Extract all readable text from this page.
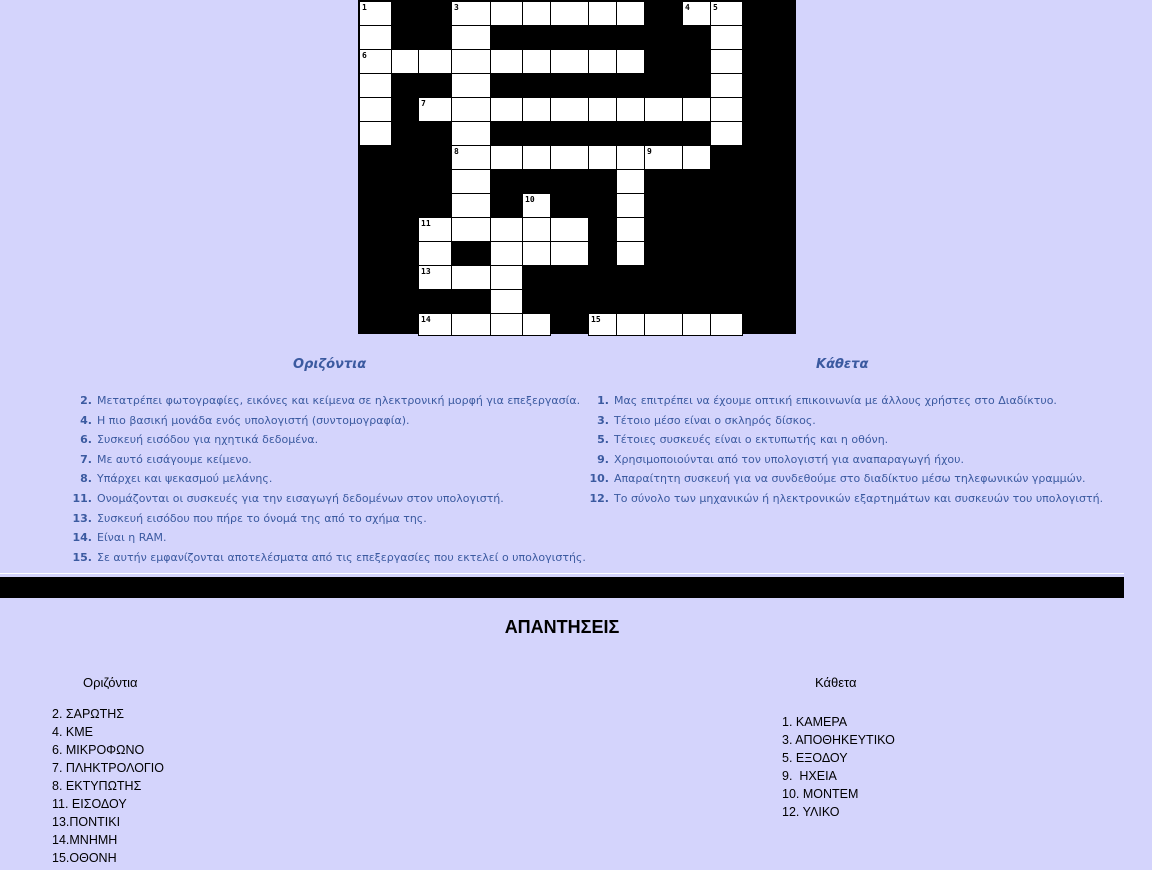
1	3	4	5
6
7
8	9
10
11
13
14	15
Οριζόντια	Κάθετα
2. Μετατρέπει φωτογραφίες, εικόνες και κείμενα σε ηλεκτρονική μορφή για επεξεργασία.
4. Η πιο βασική μονάδα ενός υπολογιστή (συντομογραφία).
6. Συσκευή εισόδου για ηχητικά δεδομένα.
7. Με αυτό εισάγουμε κείμενο.
8. Υπάρχει και ψεκασμού μελάνης.
11. Ονομάζονται οι συσκευές για την εισαγωγή δεδομένων στον υπολογιστή.
13. Συσκευή εισόδου που πήρε το όνομά της από το σχήμα της.
14. Είναι η RAM.
15. Σε αυτήν εμφανίζονται αποτελέσματα από τις επεξεργασίες που εκτελεί ο υπολογιστής.
1. Μας επιτρέπει να έχουμε οπτική επικοινωνία με άλλους χρήστες στο Διαδίκτυο.
3. Τέτοιο μέσο είναι ο σκληρός δίσκος.
5. Τέτοιες συσκευές είναι ο εκτυπωτής και η οθόνη.
9. Χρησιμοποιούνται από τον υπολογιστή για αναπαραγωγή ήχου.
10. Απαραίτητη συσκευή για να συνδεθούμε στο διαδίκτυο μέσω τηλεφωνικών γραμμών.
12. Το σύνολο των μηχανικών ή ηλεκτρονικών εξαρτημάτων και συσκευών του υπολογιστή.
ΑΠΑΝΤΗΣΕΙΣ
Οριζόντια	Κάθετα
2. ΣΑΡΩΤΗΣ
4. ΚΜΕ
6. ΜΙΚΡΟΦΩΝΟ
7. ΠΛΗΚΤΡΟΛΟΓΙΟ
8. ΕΚΤΥΠΩΤΗΣ
11. ΕΙΣΟΔΟΥ
13.ΠΟΝΤΙΚΙ
14.ΜΝΗΜΗ
15.ΟΘΟΝΗ
1. ΚΑΜΕΡΑ
3. ΑΠΟΘΗΚΕΥΤΙΚΟ
5. ΕΞΟΔΟΥ
9.  ΗΧΕΙΑ
10. ΜΟΝΤΕΜ
12. ΥΛΙΚΟ
